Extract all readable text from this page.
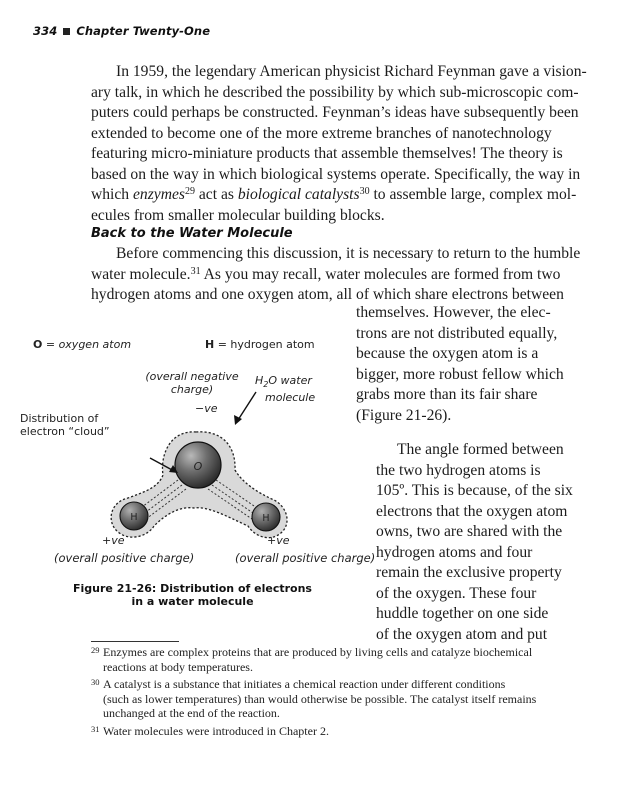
334 Chapter Twenty-One
In 1959, the legendary American physicist Richard Feynman gave a vision-
ary talk, in which he described the possibility by which sub-microscopic com-
puters could perhaps be constructed. Feynman’s ideas have subsequently been
extended to become one of the more extreme branches of nanotechnology
featuring micro-miniature products that assemble themselves! The theory is
based on the way in which biological systems operate. Specifically, the way in
which enzymes$^{29}$ act as biological catalysts$^{30}$ to assemble large, complex mol-
ecules from smaller molecular building blocks.
Back to the Water Molecule
Before commencing this discussion, it is necessary to return to the humble
water molecule.$^{31}$ As you may recall, water molecules are formed from two
hydrogen atoms and one oxygen atom, all of which share electrons between
themselves. However, the elec-
trons are not distributed equally,
because the oxygen atom is a
bigger, more robust fellow which
grabs more than its fair share
(Figure 21-26).
The angle formed between
the two hydrogen atoms is
105º. This is because, of the six
electrons that the oxygen atom
owns, two are shared with the
hydrogen atoms and four
remain the exclusive property
of the oxygen. These four
huddle together on one side
of the oxygen atom and put
O
H	H
O = oxygen atom	H = hydrogen atom
(overall negative
charge)
−ve
$H_2O$ water
molecule
Distribution of
electron “cloud”
+ve	+ve
(overall positive charge)	(overall positive charge)
Figure 21-26: Distribution of electrons
in a water molecule
29 Enzymes are complex proteins that are produced by living cells and catalyze biochemical
reactions at body temperatures.
30 A catalyst is a substance that initiates a chemical reaction under different conditions
(such as lower temperatures) than would otherwise be possible. The catalyst itself remains
unchanged at the end of the reaction.
31 Water molecules were introduced in Chapter 2.
